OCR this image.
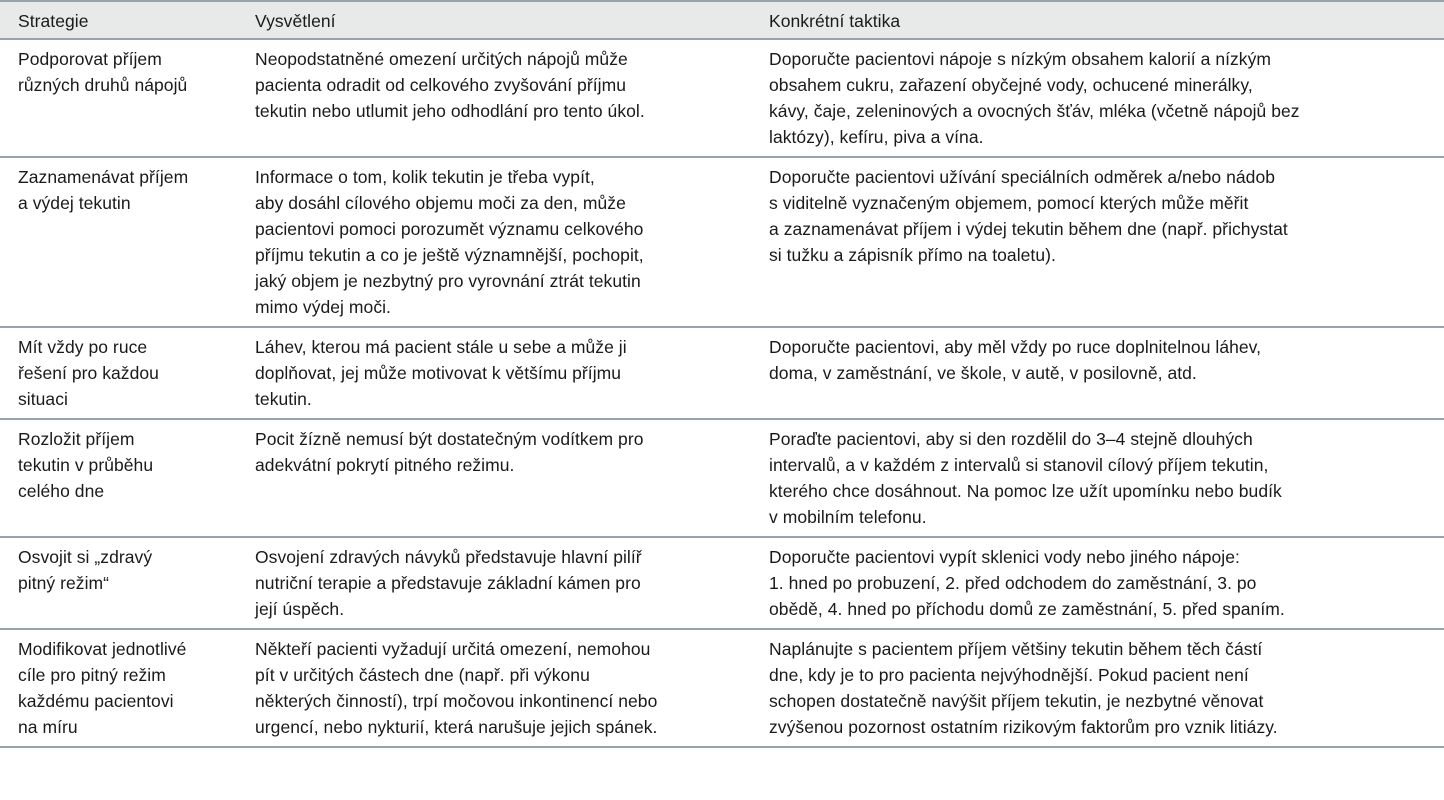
Strategie	Vysvětlení	Konkrétní taktika
Podporovat příjem
různých druhů nápojů
Neopodstatněné omezení určitých nápojů může
pacienta odradit od celkového zvyšování příjmu
tekutin nebo utlumit jeho odhodlání pro tento úkol.
Doporučte pacientovi nápoje s nízkým obsahem kalorií a nízkým
obsahem cukru, zařazení obyčejné vody, ochucené minerálky,
kávy, čaje, zeleninových a ovocných šťáv, mléka (včetně nápojů bez
laktózy), kefíru, piva a vína.
Zaznamenávat příjem
a výdej tekutin
Informace o tom, kolik tekutin je třeba vypít,
aby dosáhl cílového objemu moči za den, může
pacientovi pomoci porozumět významu celkového
příjmu tekutin a co je ještě významnější, pochopit,
jaký objem je nezbytný pro vyrovnání ztrát tekutin
mimo výdej moči.
Doporučte pacientovi užívání speciálních odměrek a/nebo nádob
s viditelně vyznačeným objemem, pomocí kterých může měřit
a zaznamenávat příjem i výdej tekutin během dne (např. přichystat
si tužku a zápisník přímo na toaletu).
Mít vždy po ruce
řešení pro každou
situaci
Láhev, kterou má pacient stále u sebe a může ji
doplňovat, jej může motivovat k většímu příjmu
tekutin.
Doporučte pacientovi, aby měl vždy po ruce doplnitelnou láhev,
doma, v zaměstnání, ve škole, v autě, v posilovně, atd.
Rozložit příjem
tekutin v průběhu
celého dne
Pocit žízně nemusí být dostatečným vodítkem pro
adekvátní pokrytí pitného režimu.
Poraďte pacientovi, aby si den rozdělil do 3–4 stejně dlouhých
intervalů, a v každém z intervalů si stanovil cílový příjem tekutin,
kterého chce dosáhnout. Na pomoc lze užít upomínku nebo budík
v mobilním telefonu.
Osvojit si „zdravý
pitný režim“
Osvojení zdravých návyků představuje hlavní pilíř
nutriční terapie a představuje základní kámen pro
její úspěch.
Doporučte pacientovi vypít sklenici vody nebo jiného nápoje:
1. hned po probuzení, 2. před odchodem do zaměstnání, 3. po
obědě, 4. hned po příchodu domů ze zaměstnání, 5. před spaním.
Modifikovat jednotlivé
cíle pro pitný režim
každému pacientovi
na míru
Někteří pacienti vyžadují určitá omezení, nemohou
pít v určitých částech dne (např. při výkonu
některých činností), trpí močovou inkontinencí nebo
urgencí, nebo nykturií, která narušuje jejich spánek.
Naplánujte s pacientem příjem většiny tekutin během těch částí
dne, kdy je to pro pacienta nejvýhodnější. Pokud pacient není
schopen dostatečně navýšit příjem tekutin, je nezbytné věnovat
zvýšenou pozornost ostatním rizikovým faktorům pro vznik litiázy.
